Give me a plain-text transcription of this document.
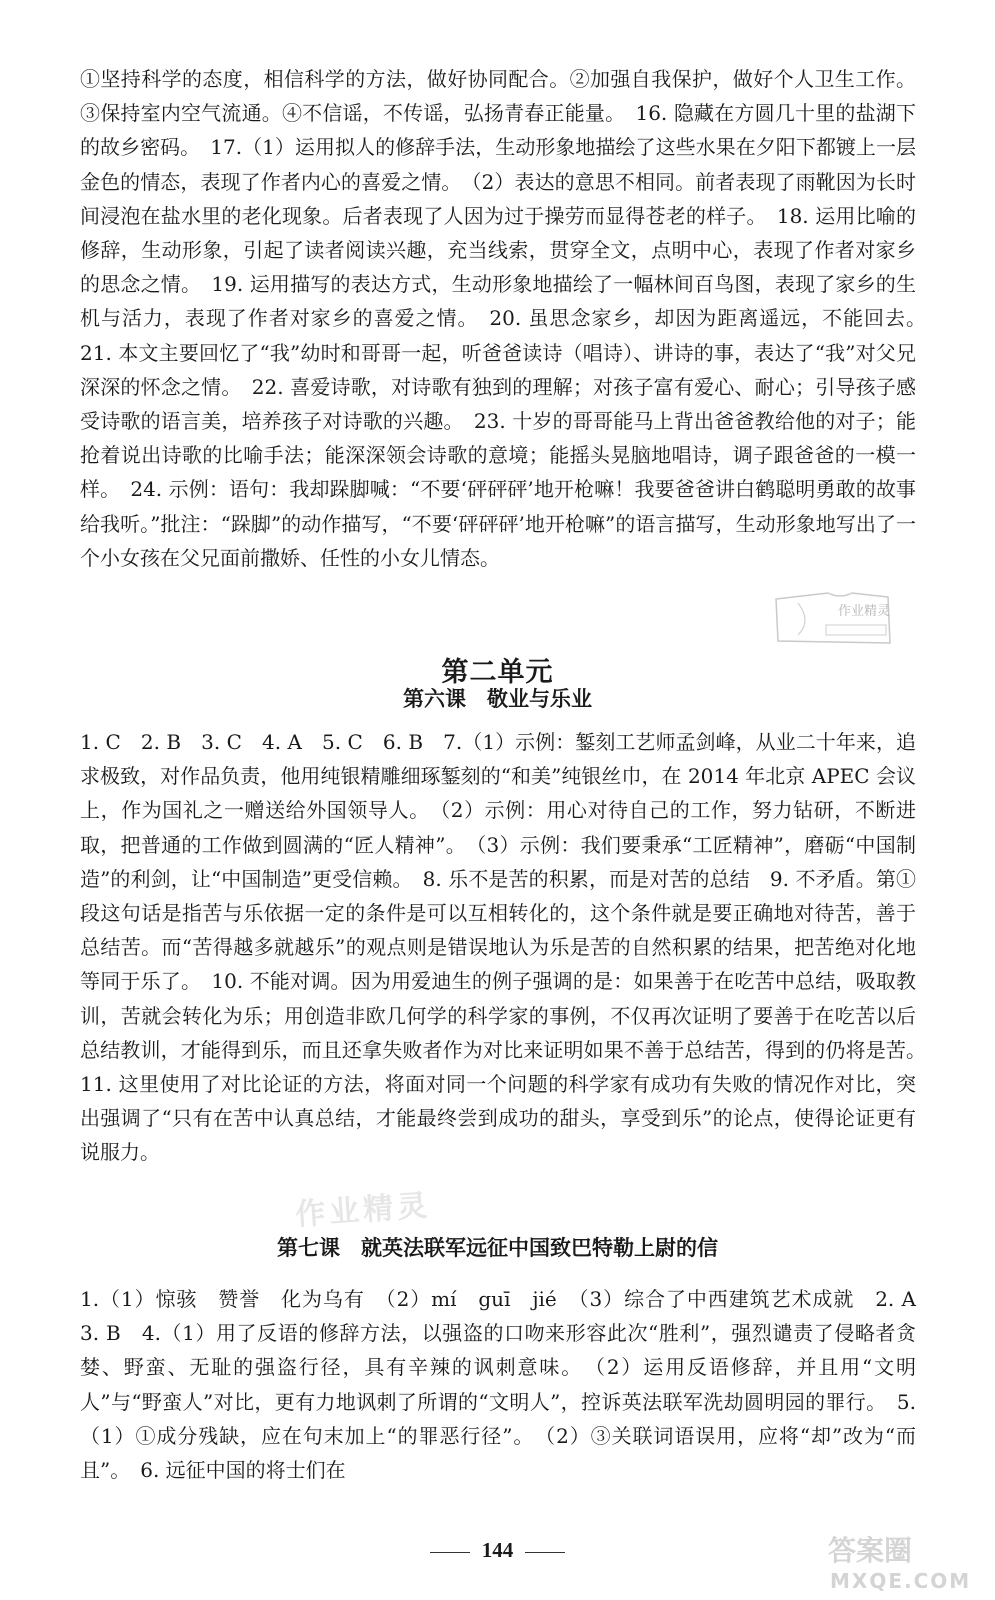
①坚持科学的态度，相信科学的方法，做好协同配合。②加强自我保护，做好个人卫生工作。③保持室内空气流通。④不信谣，不传谣，弘扬青春正能量。　16. 隐藏在方圆几十里的盐湖下的故乡密码。　17.（1）运用拟人的修辞手法，生动形象地描绘了这些水果在夕阳下都镀上一层金色的情态，表现了作者内心的喜爱之情。　（2）表达的意思不相同。前者表现了雨靴因为长时间浸泡在盐水里的老化现象。后者表现了人因为过于操劳而显得苍老的样子。　18. 运用比喻的修辞，生动形象，引起了读者阅读兴趣，充当线索，贯穿全文，点明中心，表现了作者对家乡的思念之情。　19. 运用描写的表达方式，生动形象地描绘了一幅林间百鸟图，表现了家乡的生机与活力，表现了作者对家乡的喜爱之情。　20. 虽思念家乡，却因为距离遥远，不能回去。　21. 本文主要回忆了“我”幼时和哥哥一起，听爸爸读诗（唱诗）、讲诗的事，表达了“我”对父兄深深的怀念之情。　22. 喜爱诗歌，对诗歌有独到的理解；对孩子富有爱心、耐心；引导孩子感受诗歌的语言美，培养孩子对诗歌的兴趣。　23. 十岁的哥哥能马上背出爸爸教给他的对子；能抢着说出诗歌的比喻手法；能深深领会诗歌的意境；能摇头晃脑地唱诗，调子跟爸爸的一模一样。　24. 示例：语句：我却跺脚喊：“不要‘砰砰砰’地开枪嘛！我要爸爸讲白鹤聪明勇敢的故事给我听。”批注：“跺脚”的动作描写，“不要‘砰砰砰’地开枪嘛”的语言描写，生动形象地写出了一个小女孩在父兄面前撒娇、任性的小女儿情态。

作业精灵
第二单元
第六课　敬业与乐业

1. C　2. B　3. C　4. A　5. C　6. B　7.（1）示例：錾刻工艺师孟剑峰，从业二十年来，追求极致，对作品负责，他用纯银精雕细琢錾刻的“和美”纯银丝巾，在 2014 年北京 APEC 会议上，作为国礼之一赠送给外国领导人。　（2）示例：用心对待自己的工作，努力钻研，不断进取，把普通的工作做到圆满的“匠人精神”。　（3）示例：我们要秉承“工匠精神”，磨砺“中国制造”的利剑，让“中国制造”更受信赖。　8. 乐不是苦的积累，而是对苦的总结　9. 不矛盾。第①段这句话是指苦与乐依据一定的条件是可以互相转化的，这个条件就是要正确地对待苦，善于总结苦。而“苦得越多就越乐”的观点则是错误地认为乐是苦的自然积累的结果，把苦绝对化地等同于乐了。　10. 不能对调。因为用爱迪生的例子强调的是：如果善于在吃苦中总结，吸取教训，苦就会转化为乐；用创造非欧几何学的科学家的事例，不仅再次证明了要善于在吃苦以后总结教训，才能得到乐，而且还拿失败者作为对比来证明如果不善于总结苦，得到的仍将是苦。　11. 这里使用了对比论证的方法，将面对同一个问题的科学家有成功有失败的情况作对比，突出强调了“只有在苦中认真总结，才能最终尝到成功的甜头，享受到乐”的论点，使得论证更有说服力。

作业精灵
第七课　就英法联军远征中国致巴特勒上尉的信

1.（1）惊骇　赞誉　化为乌有　（2）mí　guī　jié　（3）综合了中西建筑艺术成就　2. A　3. B　4.（1）用了反语的修辞方法，以强盗的口吻来形容此次“胜利”，强烈谴责了侵略者贪婪、野蛮、无耻的强盗行径，具有辛辣的讽刺意味。　（2）运用反语修辞，并且用“文明人”与“野蛮人”对比，更有力地讽刺了所谓的“文明人”，控诉英法联军洗劫圆明园的罪行。　5.（1）①成分残缺，应在句末加上“的罪恶行径”。　（2）③关联词语误用，应将“却”改为“而且”。　6. 远征中国的将士们在

144	答案圈
MXQE.COM
